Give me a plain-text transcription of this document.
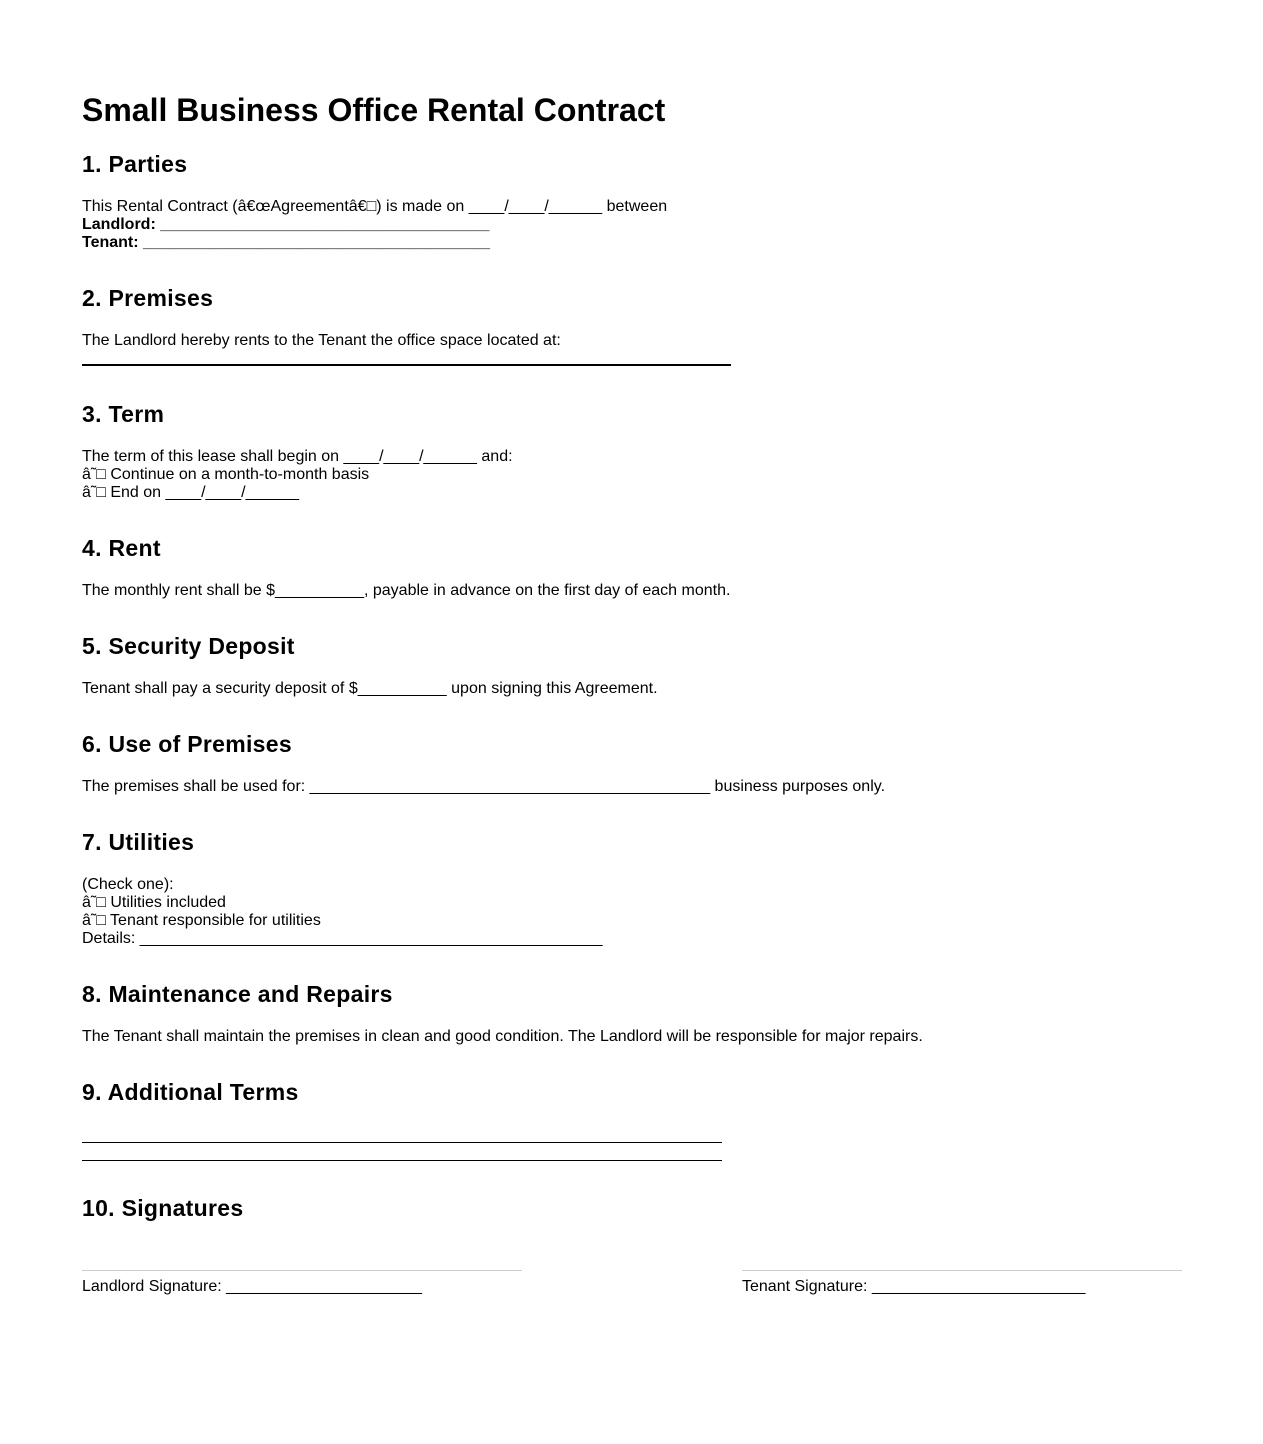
Small Business Office Rental Contract
1. Parties
This Rental Contract (â€œAgreementâ€□) is made on ____/____/______ between
Landlord: _____________________________________
Tenant: _______________________________________
2. Premises
The Landlord hereby rents to the Tenant the office space located at:
3. Term
The term of this lease shall begin on ____/____/______ and:
â˜□ Continue on a month-to-month basis
â˜□ End on ____/____/______
4. Rent
The monthly rent shall be $__________, payable in advance on the first day of each month.
5. Security Deposit
Tenant shall pay a security deposit of $__________ upon signing this Agreement.
6. Use of Premises
The premises shall be used for: _____________________________________________ business purposes only.
7. Utilities
(Check one):
â˜□ Utilities included
â˜□ Tenant responsible for utilities
Details: ____________________________________________________
8. Maintenance and Repairs
The Tenant shall maintain the premises in clean and good condition. The Landlord will be responsible for major repairs.
9. Additional Terms
10. Signatures
Landlord Signature: ______________________	Tenant Signature: ________________________
